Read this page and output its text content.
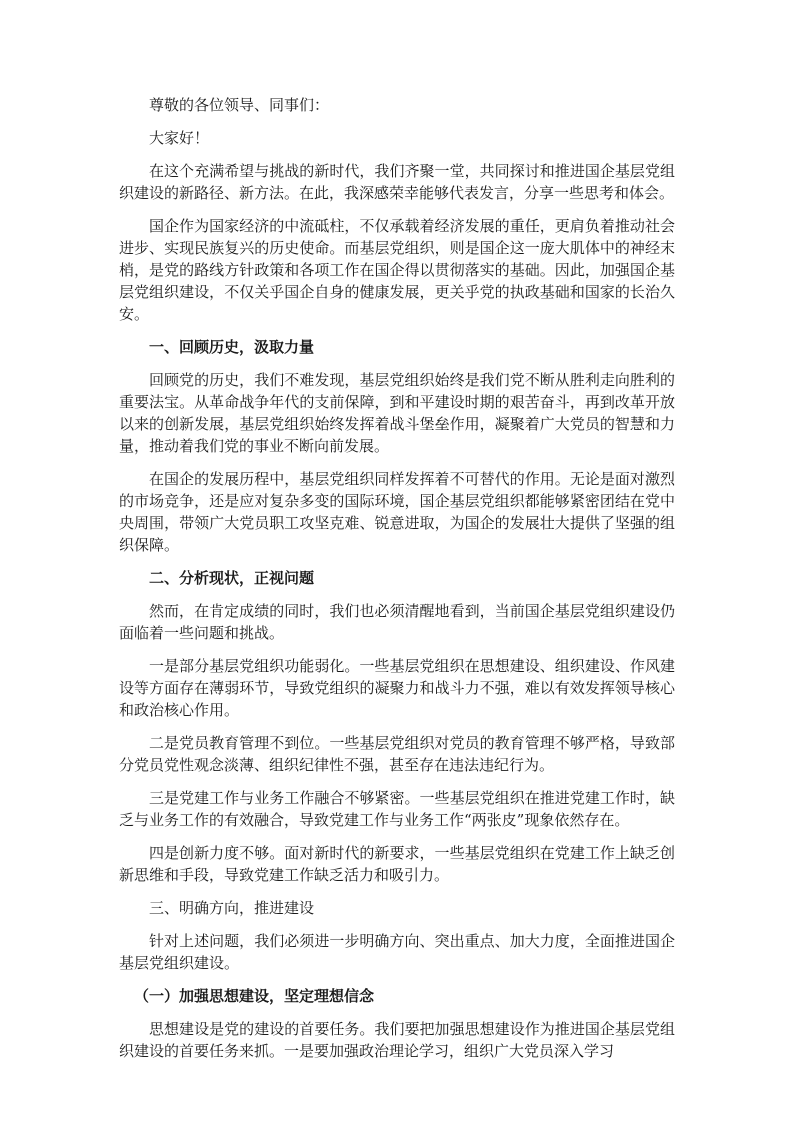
尊敬的各位领导、同事们：

大家好！

在这个充满希望与挑战的新时代，我们齐聚一堂，共同探讨和推进国企基层党组织建设的新路径、新方法。在此，我深感荣幸能够代表发言，分享一些思考和体会。

国企作为国家经济的中流砥柱，不仅承载着经济发展的重任，更肩负着推动社会进步、实现民族复兴的历史使命。而基层党组织，则是国企这一庞大肌体中的神经末梢，是党的路线方针政策和各项工作在国企得以贯彻落实的基础。因此，加强国企基层党组织建设，不仅关乎国企自身的健康发展，更关乎党的执政基础和国家的长治久安。

一、回顾历史，汲取力量

回顾党的历史，我们不难发现，基层党组织始终是我们党不断从胜利走向胜利的重要法宝。从革命战争年代的支前保障，到和平建设时期的艰苦奋斗，再到改革开放以来的创新发展，基层党组织始终发挥着战斗堡垒作用，凝聚着广大党员的智慧和力量，推动着我们党的事业不断向前发展。

在国企的发展历程中，基层党组织同样发挥着不可替代的作用。无论是面对激烈的市场竞争，还是应对复杂多变的国际环境，国企基层党组织都能够紧密团结在党中央周围，带领广大党员职工攻坚克难、锐意进取，为国企的发展壮大提供了坚强的组织保障。

二、分析现状，正视问题

然而，在肯定成绩的同时，我们也必须清醒地看到，当前国企基层党组织建设仍面临着一些问题和挑战。

一是部分基层党组织功能弱化。一些基层党组织在思想建设、组织建设、作风建设等方面存在薄弱环节，导致党组织的凝聚力和战斗力不强，难以有效发挥领导核心和政治核心作用。

二是党员教育管理不到位。一些基层党组织对党员的教育管理不够严格，导致部分党员党性观念淡薄、组织纪律性不强，甚至存在违法违纪行为。

三是党建工作与业务工作融合不够紧密。一些基层党组织在推进党建工作时，缺乏与业务工作的有效融合，导致党建工作与业务工作“两张皮”现象依然存在。

四是创新力度不够。面对新时代的新要求，一些基层党组织在党建工作上缺乏创新思维和手段，导致党建工作缺乏活力和吸引力。

三、明确方向，推进建设

针对上述问题，我们必须进一步明确方向、突出重点、加大力度，全面推进国企基层党组织建设。

（一）加强思想建设，坚定理想信念

思想建设是党的建设的首要任务。我们要把加强思想建设作为推进国企基层党组织建设的首要任务来抓。一是要加强政治理论学习，组织广大党员深入学习
